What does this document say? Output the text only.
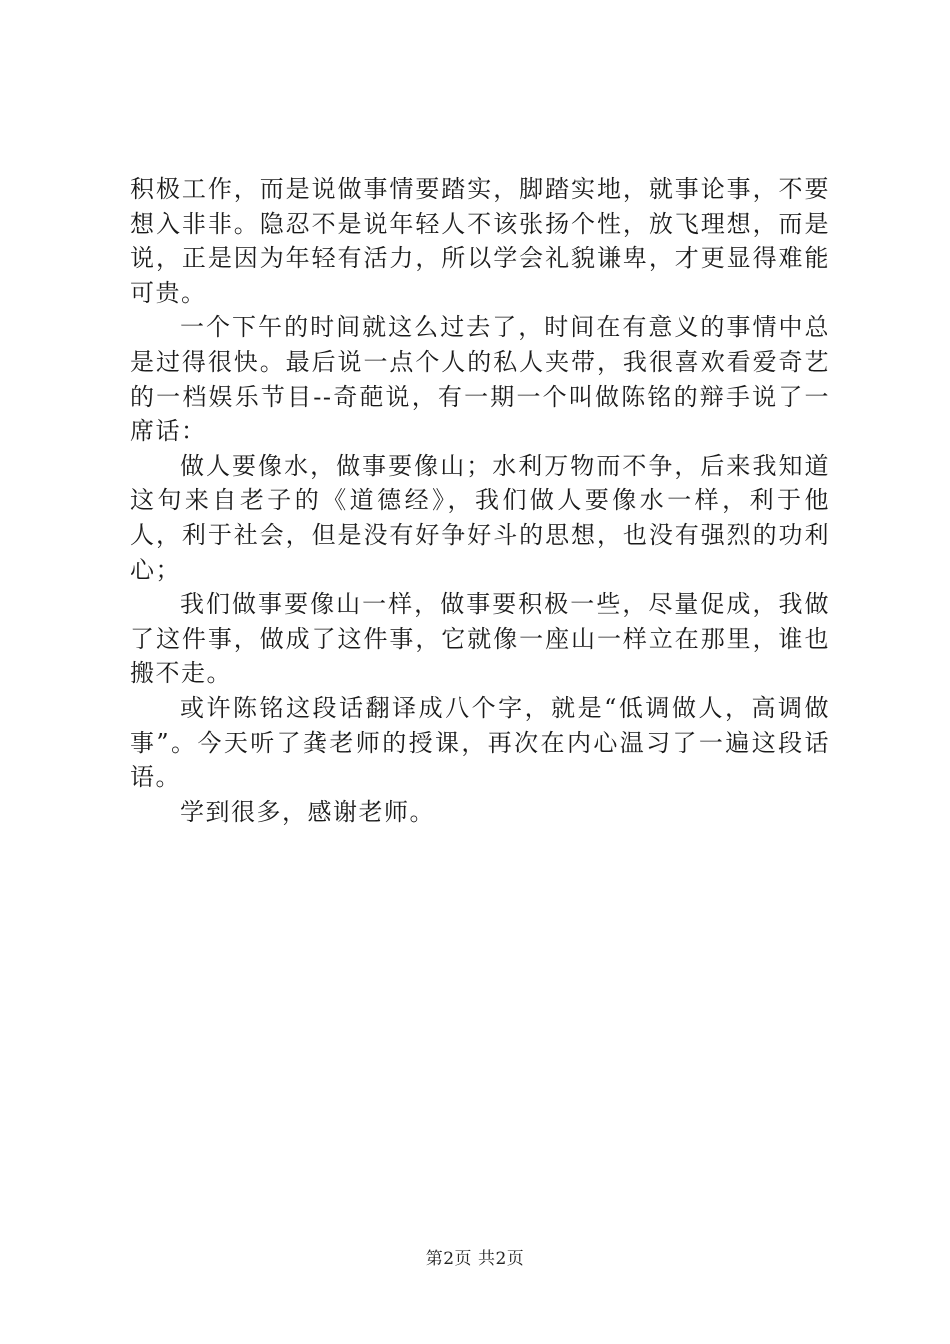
积极工作，而是说做事情要踏实，脚踏实地，就事论事，不要想入非非。隐忍不是说年轻人不该张扬个性，放飞理想，而是说，正是因为年轻有活力，所以学会礼貌谦卑，才更显得难能可贵。

一个下午的时间就这么过去了，时间在有意义的事情中总是过得很快。最后说一点个人的私人夹带，我很喜欢看爱奇艺的一档娱乐节目--奇葩说，有一期一个叫做陈铭的辩手说了一席话：

做人要像水，做事要像山；水利万物而不争，后来我知道这句来自老子的《道德经》，我们做人要像水一样，利于他人，利于社会，但是没有好争好斗的思想，也没有强烈的功利心；

我们做事要像山一样，做事要积极一些，尽量促成，我做了这件事，做成了这件事，它就像一座山一样立在那里，谁也搬不走。

或许陈铭这段话翻译成八个字，就是“低调做人，高调做事”。今天听了龚老师的授课，再次在内心温习了一遍这段话语。

学到很多，感谢老师。

第2页 共2页
